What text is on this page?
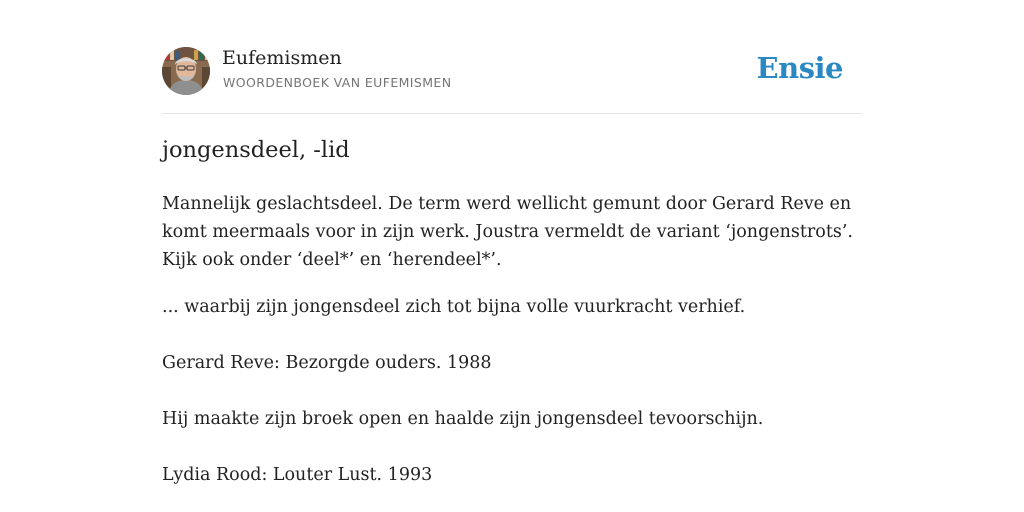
Eufemismen
WOORDENBOEK VAN EUFEMISMEN	Ensie
jongensdeel, -lid

Mannelijk geslachtsdeel. De term werd wellicht gemunt door Gerard Reve en komt meermaals voor in zijn werk. Joustra vermeldt de variant ‘jongenstrots’. Kijk ook onder ‘deel*’ en ‘herendeel*’.

... waarbij zijn jongensdeel zich tot bijna volle vuurkracht verhief.

Gerard Reve: Bezorgde ouders. 1988

Hij maakte zijn broek open en haalde zijn jongensdeel tevoorschijn.

Lydia Rood: Louter Lust. 1993
